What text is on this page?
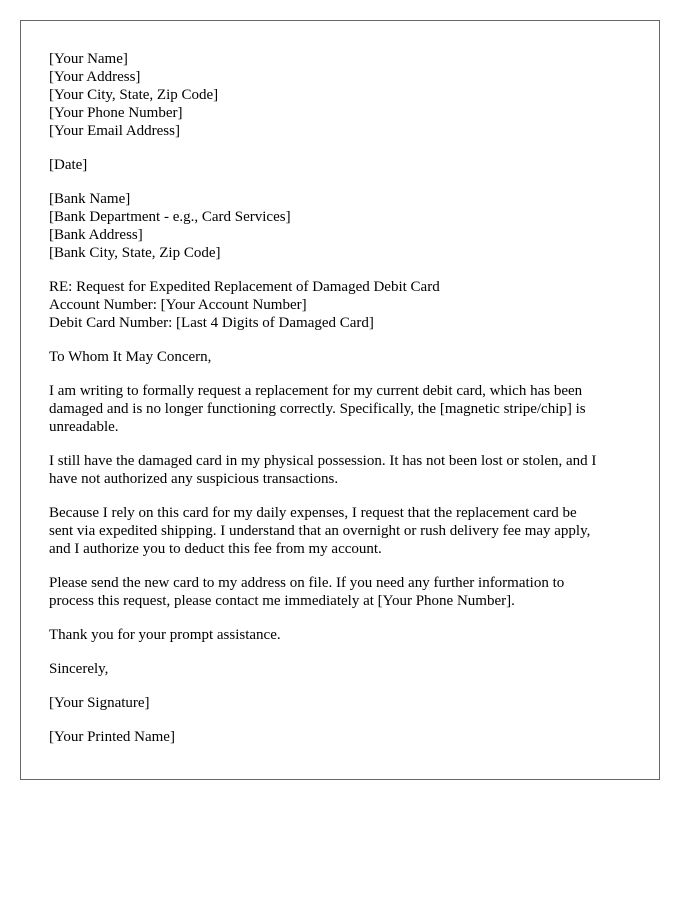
[Your Name]
[Your Address]
[Your City, State, Zip Code]
[Your Phone Number]
[Your Email Address]
[Date]
[Bank Name]
[Bank Department - e.g., Card Services]
[Bank Address]
[Bank City, State, Zip Code]
RE: Request for Expedited Replacement of Damaged Debit Card
Account Number: [Your Account Number]
Debit Card Number: [Last 4 Digits of Damaged Card]
To Whom It May Concern,
I am writing to formally request a replacement for my current debit card, which has been
damaged and is no longer functioning correctly. Specifically, the [magnetic stripe/chip] is
unreadable.
I still have the damaged card in my physical possession. It has not been lost or stolen, and I
have not authorized any suspicious transactions.
Because I rely on this card for my daily expenses, I request that the replacement card be
sent via expedited shipping. I understand that an overnight or rush delivery fee may apply,
and I authorize you to deduct this fee from my account.
Please send the new card to my address on file. If you need any further information to
process this request, please contact me immediately at [Your Phone Number].
Thank you for your prompt assistance.
Sincerely,
[Your Signature]
[Your Printed Name]
